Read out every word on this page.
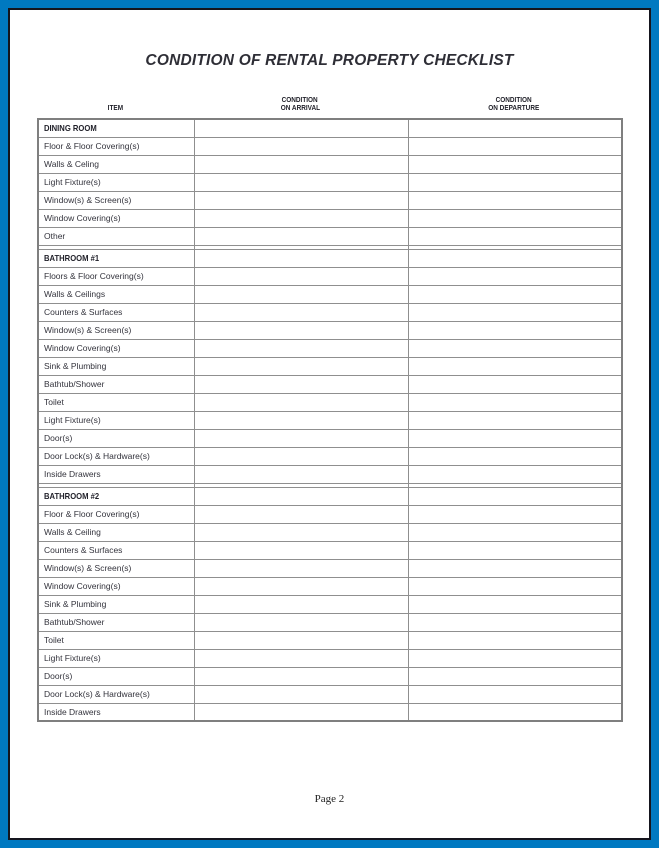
CONDITION OF RENTAL PROPERTY CHECKLIST
ITEM
CONDITION
ON ARRIVAL
CONDITION
ON DEPARTURE
DINING ROOM		
Floor & Floor Covering(s)		
Walls & Celing		
Light Fixture(s)		
Window(s) & Screen(s)		
Window Covering(s)		
Other		

BATHROOM #1		
Floors & Floor Covering(s)		
Walls & Ceilings		
Counters & Surfaces		
Window(s) & Screen(s)		
Window Covering(s)		
Sink & Plumbing		
Bathtub/Shower		
Toilet		
Light Fixture(s)		
Door(s)		
Door Lock(s) & Hardware(s)		
Inside Drawers		

BATHROOM #2		
Floor & Floor Covering(s)		
Walls & Ceiling		
Counters & Surfaces		
Window(s) & Screen(s)		
Window Covering(s)		
Sink & Plumbing		
Bathtub/Shower		
Toilet		
Light Fixture(s)		
Door(s)		
Door Lock(s) & Hardware(s)		
Inside Drawers		
Page 2
